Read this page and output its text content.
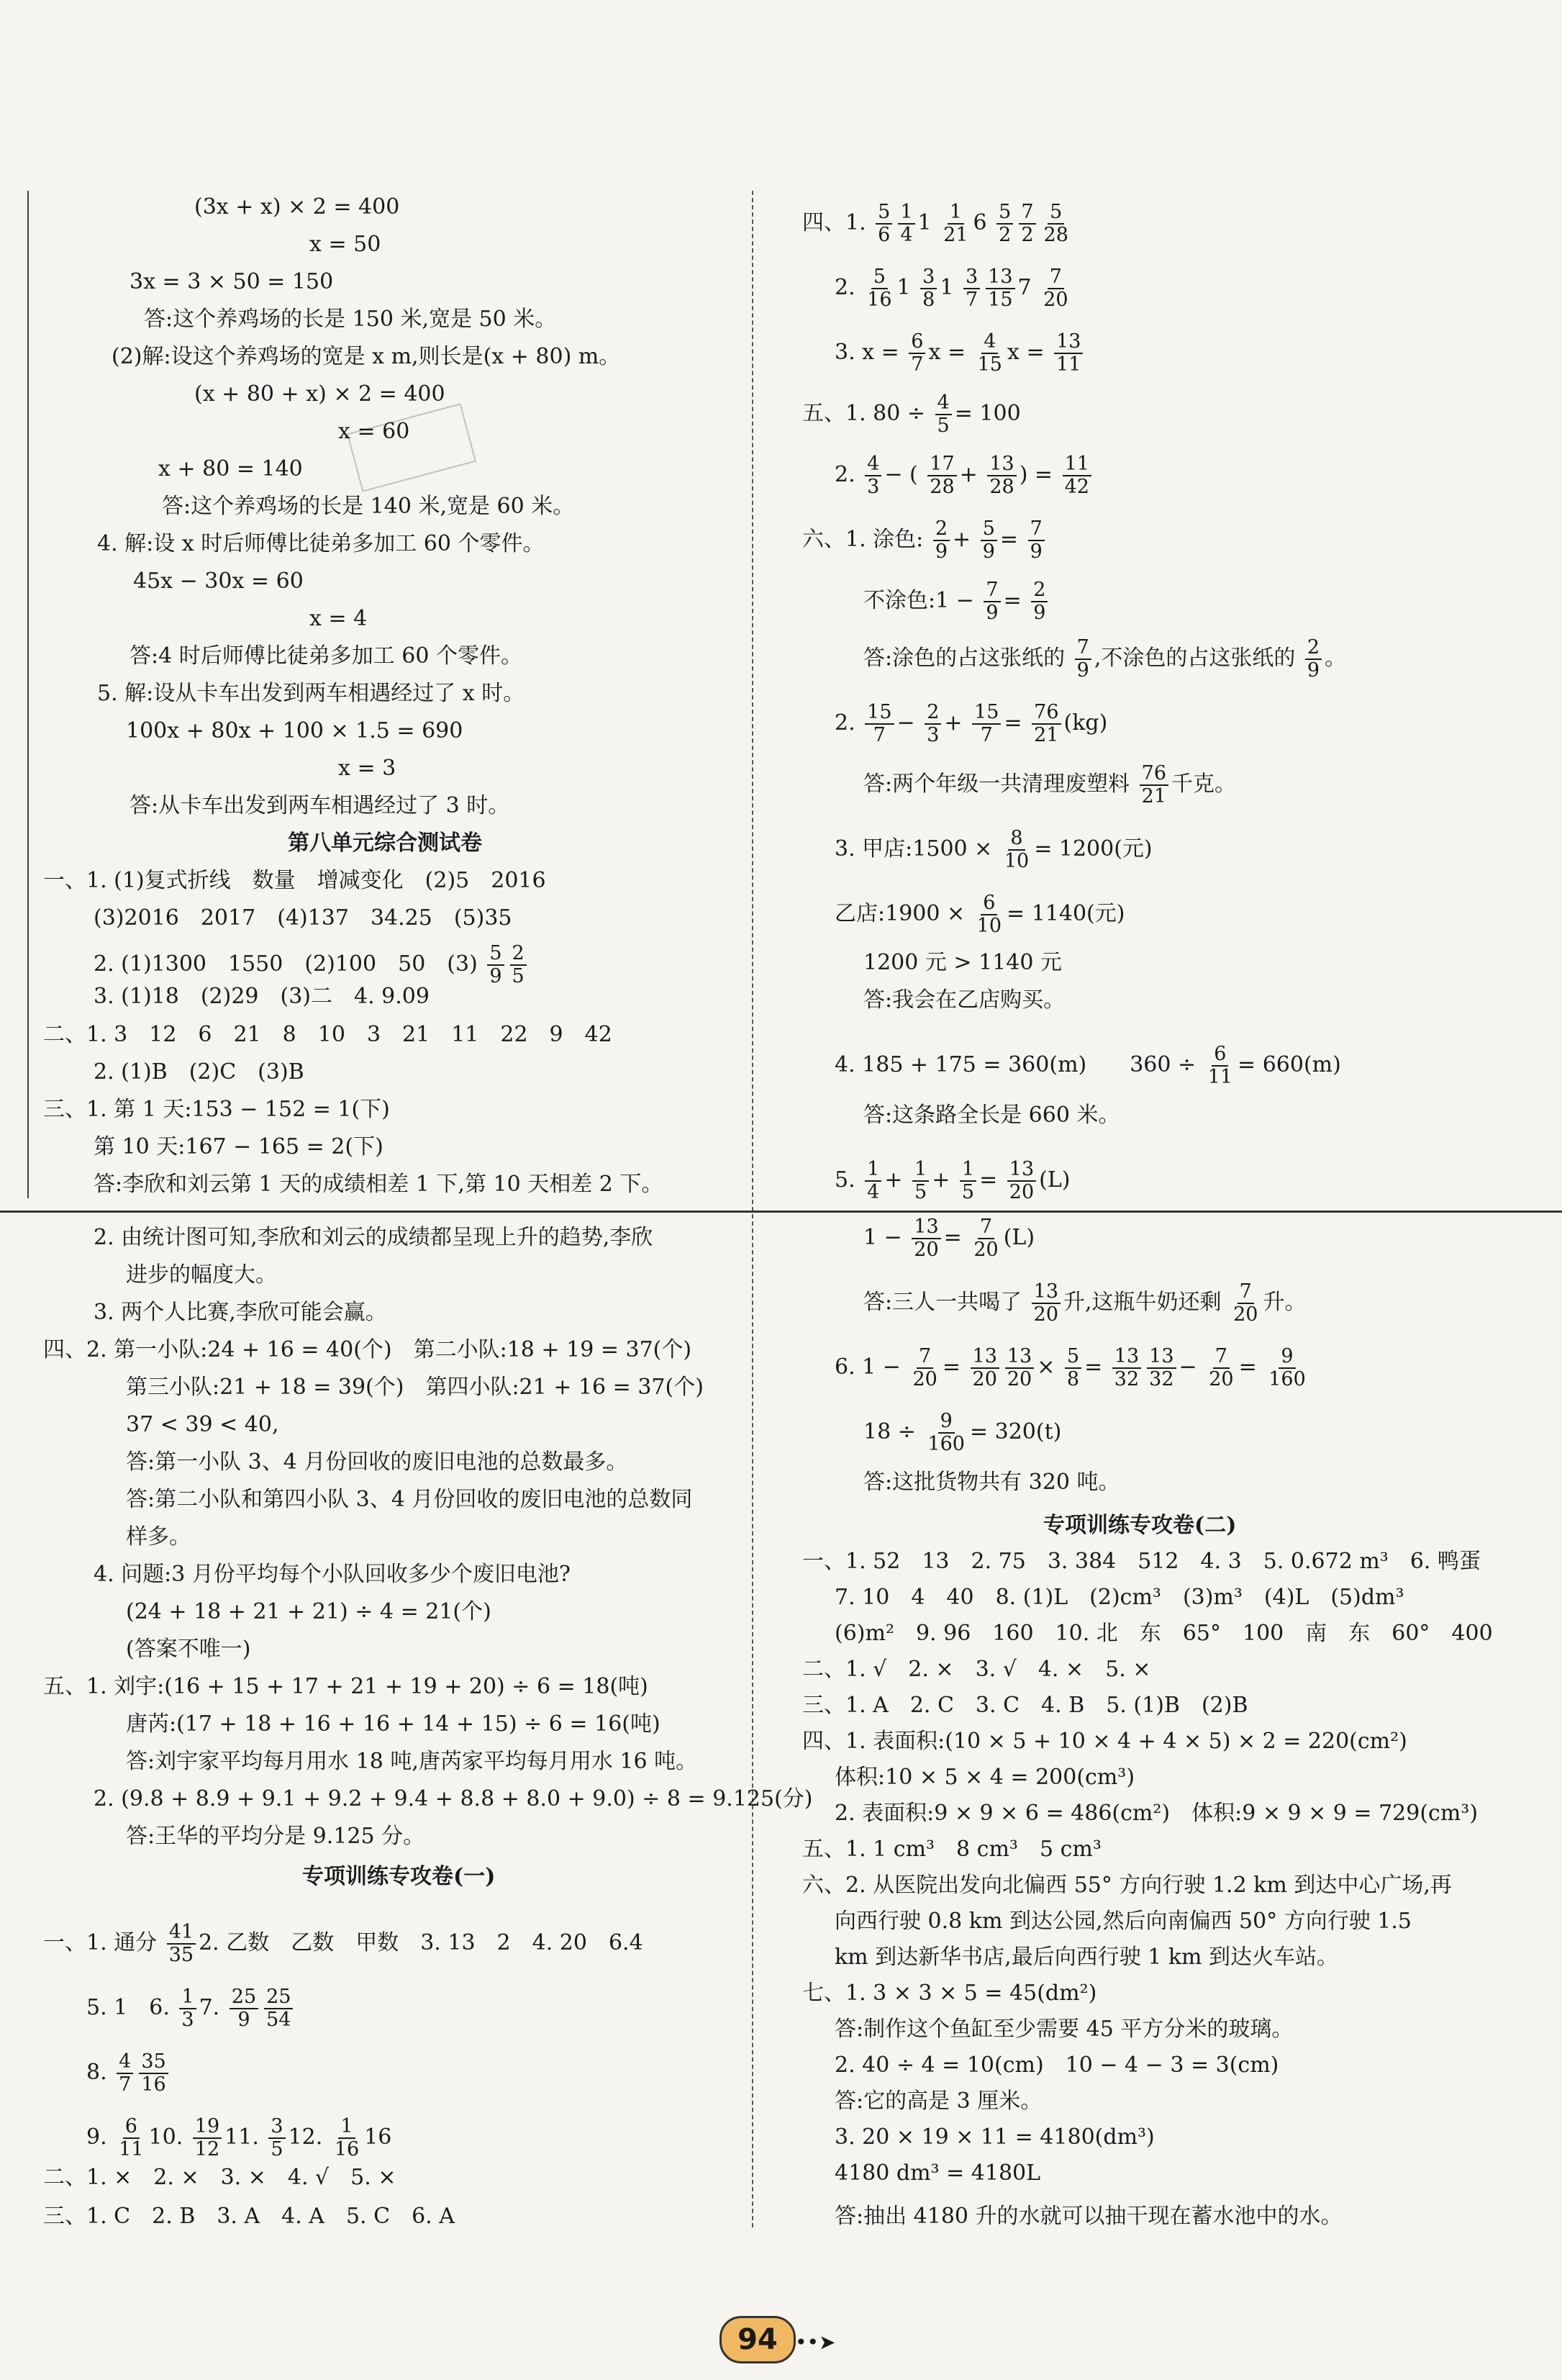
(3x + x) × 2 = 400
x = 50
3x = 3 × 50 = 150
答:这个养鸡场的长是 150 米,宽是 50 米。
(2)解:设这个养鸡场的宽是 x m,则长是(x + 80) m。
(x + 80 + x) × 2 = 400
x = 60
x + 80 = 140
答:这个养鸡场的长是 140 米,宽是 60 米。
4. 解:设 x 时后师傅比徒弟多加工 60 个零件。
45x − 30x = 60
x = 4
答:4 时后师傅比徒弟多加工 60 个零件。
5. 解:设从卡车出发到两车相遇经过了 x 时。
100x + 80x + 100 × 1.5 = 690
x = 3
答:从卡车出发到两车相遇经过了 3 时。
第八单元综合测试卷
一、1. (1)复式折线　数量　增减变化　(2)5　2016
(3)2016　2017　(4)137　34.25　(5)35
2. (1)1300　1550　(2)100　50　$(3) \frac{5}{9} \frac{2}{5}$
3. (1)18　(2)29　(3)二　4. 9.09
二、1. 3　12　6　21　8　10　3　21　11　22　9　42
2. (1)B　(2)C　(3)B
三、1. 第 1 天:153 − 152 = 1(下)
第 10 天:167 − 165 = 2(下)
答:李欣和刘云第 1 天的成绩相差 1 下,第 10 天相差 2 下。
2. 由统计图可知,李欣和刘云的成绩都呈现上升的趋势,李欣
进步的幅度大。
3. 两个人比赛,李欣可能会赢。
四、2. 第一小队:24 + 16 = 40(个)　第二小队:18 + 19 = 37(个)
第三小队:21 + 18 = 39(个)　第四小队:21 + 16 = 37(个)
37 < 39 < 40,
答:第一小队 3、4 月份回收的废旧电池的总数最多。
答:第二小队和第四小队 3、4 月份回收的废旧电池的总数同
样多。
4. 问题:3 月份平均每个小队回收多少个废旧电池?
(24 + 18 + 21 + 21) ÷ 4 = 21(个)
(答案不唯一)
五、1. 刘宇:(16 + 15 + 17 + 21 + 19 + 20) ÷ 6 = 18(吨)
唐芮:(17 + 18 + 16 + 16 + 14 + 15) ÷ 6 = 16(吨)
答:刘宇家平均每月用水 18 吨,唐芮家平均每月用水 16 吨。
2. (9.8 + 8.9 + 9.1 + 9.2 + 9.4 + 8.8 + 8.0 + 9.0) ÷ 8 = 9.125(分)
答:王华的平均分是 9.125 分。
专项训练专攻卷(一)
一、1. 通分 $\frac{41}{35} 2$. 乙数　乙数　甲数　3. 13　2　4. 20　6.4
5. 1　6. $\frac{1}{3} 7$. $\frac{25}{9} \frac{25}{54}$
8. $\frac{4}{7} \frac{35}{16}$
9. $\frac{6}{11} 10$. $\frac{19}{12} 11$. $\frac{3}{5} 12$. $\frac{1}{16} 16$
二、1. ×　2. ×　3. ×　4. √　5. ×
三、1. C　2. B　3. A　4. A　5. C　6. A
四、1. $\frac{5}{6} \frac{1}{4} 1 \frac{1}{21} 6 \frac{5}{2} \frac{7}{2} \frac{5}{28}$
2. $\frac{5}{16} 1 \frac{3}{8} 1 \frac{3}{7} \frac{13}{15} 7 \frac{7}{20}$
3. $x = \frac{6}{7}$ $x = \frac{4}{15}$ $x = \frac{13}{11}$
五、1. $80 \div \frac{4}{5} = 100$
2. $\frac{4}{3}$ − ( $\frac{17}{28} + \frac{13}{28}$ ) = $\frac{11}{42}$
六、1. 涂色: $\frac{2}{9} + \frac{5}{9} = \frac{7}{9}$
不涂色:1 − $\frac{7}{9} = \frac{2}{9}$
答:涂色的占这张纸的 $\frac{7}{9}$ ,不涂色的占这张纸的 $\frac{2}{9}$ 。
2. $\frac{15}{7} - \frac{2}{3} + \frac{15}{7} = \frac{76}{21} (kg)$
答:两个年级一共清理废塑料 $\frac{76}{21}$ 千克。
3. 甲店:1500 × $\frac{8}{10} = 1200$(元)
乙店:1900 × $\frac{6}{10} = 1140$(元)
1200 元 > 1140 元
答:我会在乙店购买。
4. 185 + 175 = 360(m)　　$360 \div \frac{6}{11} = 660(m)$
答:这条路全长是 660 米。
5. $\frac{1}{4} + \frac{1}{5} + \frac{1}{5} = \frac{13}{20} (L)$
$1 - \frac{13}{20} = \frac{7}{20} (L)$
答:三人一共喝了 $\frac{13}{20}$ 升,这瓶牛奶还剩 $\frac{7}{20}$ 升。
6. $1 - \frac{7}{20} = \frac{13}{20} \frac{13}{20} \times \frac{5}{8} = \frac{13}{32} \frac{13}{32} - \frac{7}{20} = \frac{9}{160}$
$18 \div \frac{9}{160} = 320(t)$
答:这批货物共有 320 吨。
专项训练专攻卷(二)
一、1. 52　13　2. 75　3. 384　512　4. 3　5. 0.672 m³　6. 鸭蛋
7. 10　4　40　8. (1)L　(2)cm³　(3)m³　(4)L　(5)dm³
(6)m²　9. 96　160　10. 北　东　65°　100　南　东　60°　400
二、1. √　2. ×　3. √　4. ×　5. ×
三、1. A　2. C　3. C　4. B　5. (1)B　(2)B
四、1. 表面积:(10 × 5 + 10 × 4 + 4 × 5) × 2 = 220(cm²)
体积:10 × 5 × 4 = 200(cm³)
2. 表面积:9 × 9 × 6 = 486(cm²)　体积:9 × 9 × 9 = 729(cm³)
五、1. 1 cm³　8 cm³　5 cm³
六、2. 从医院出发向北偏西 55° 方向行驶 1.2 km 到达中心广场,再
向西行驶 0.8 km 到达公园,然后向南偏西 50° 方向行驶 1.5
km 到达新华书店,最后向西行驶 1 km 到达火车站。
七、1. 3 × 3 × 5 = 45(dm²)
答:制作这个鱼缸至少需要 45 平方分米的玻璃。
2. 40 ÷ 4 = 10(cm)　10 − 4 − 3 = 3(cm)
答:它的高是 3 厘米。
3. 20 × 19 × 11 = 4180(dm³)
4180 dm³ = 4180L
答:抽出 4180 升的水就可以抽干现在蓄水池中的水。
94 ••➤
